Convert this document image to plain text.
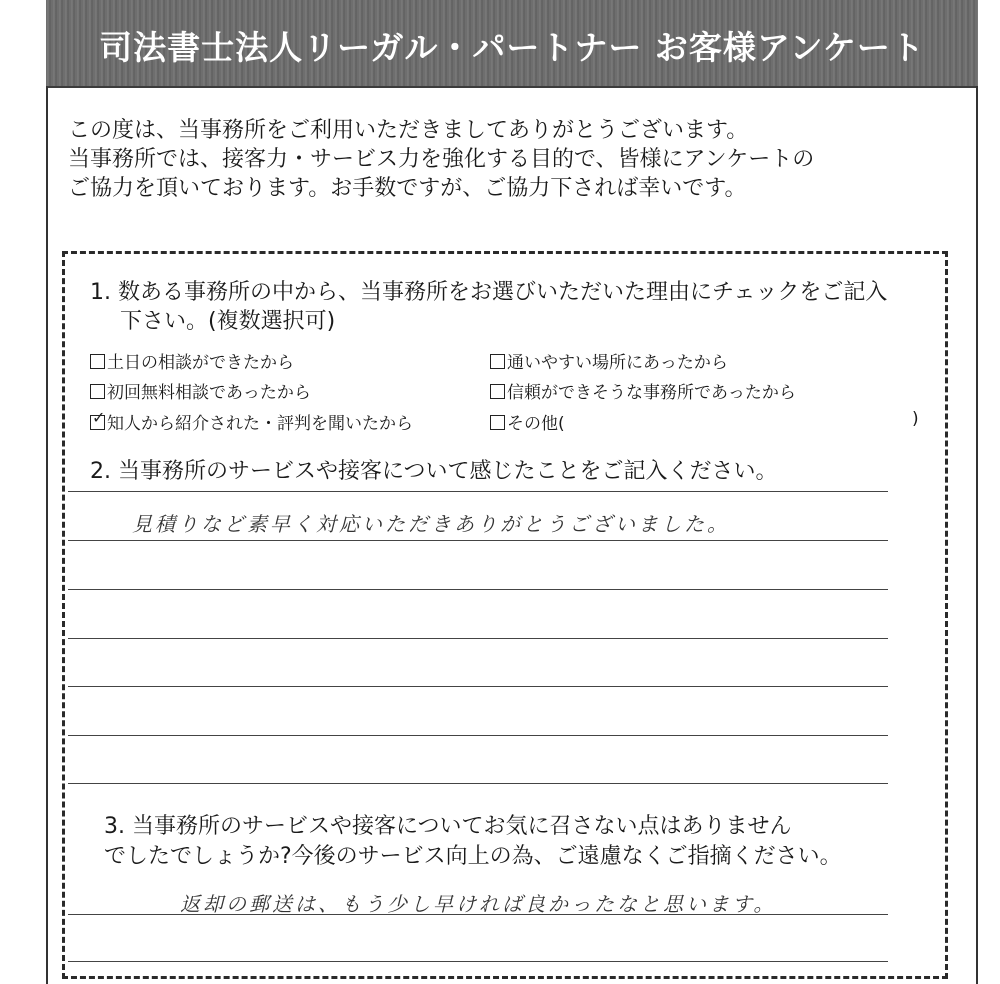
司法書士法人リーガル・パートナー お客様アンケート
この度は、当事務所をご利用いただきましてありがとうございます。
当事務所では、接客力・サービス力を強化する目的で、皆様にアンケートの
ご協力を頂いております。お手数ですが、ご協力下されば幸いです。
1. 数ある事務所の中から、当事務所をお選びいただいた理由にチェックをご記入
下さい。(複数選択可)
土日の相談ができたから	通いやすい場所にあったから
初回無料相談であったから	信頼ができそうな事務所であったから
✓知人から紹介された・評判を聞いたから	その他(	)
2. 当事務所のサービスや接客について感じたことをご記入ください。
見積りなど素早く対応いただきありがとうございました。
3. 当事務所のサービスや接客についてお気に召さない点はありません
でしたでしょうか?今後のサービス向上の為、ご遠慮なくご指摘ください。
返却の郵送は、もう少し早ければ良かったなと思います。
